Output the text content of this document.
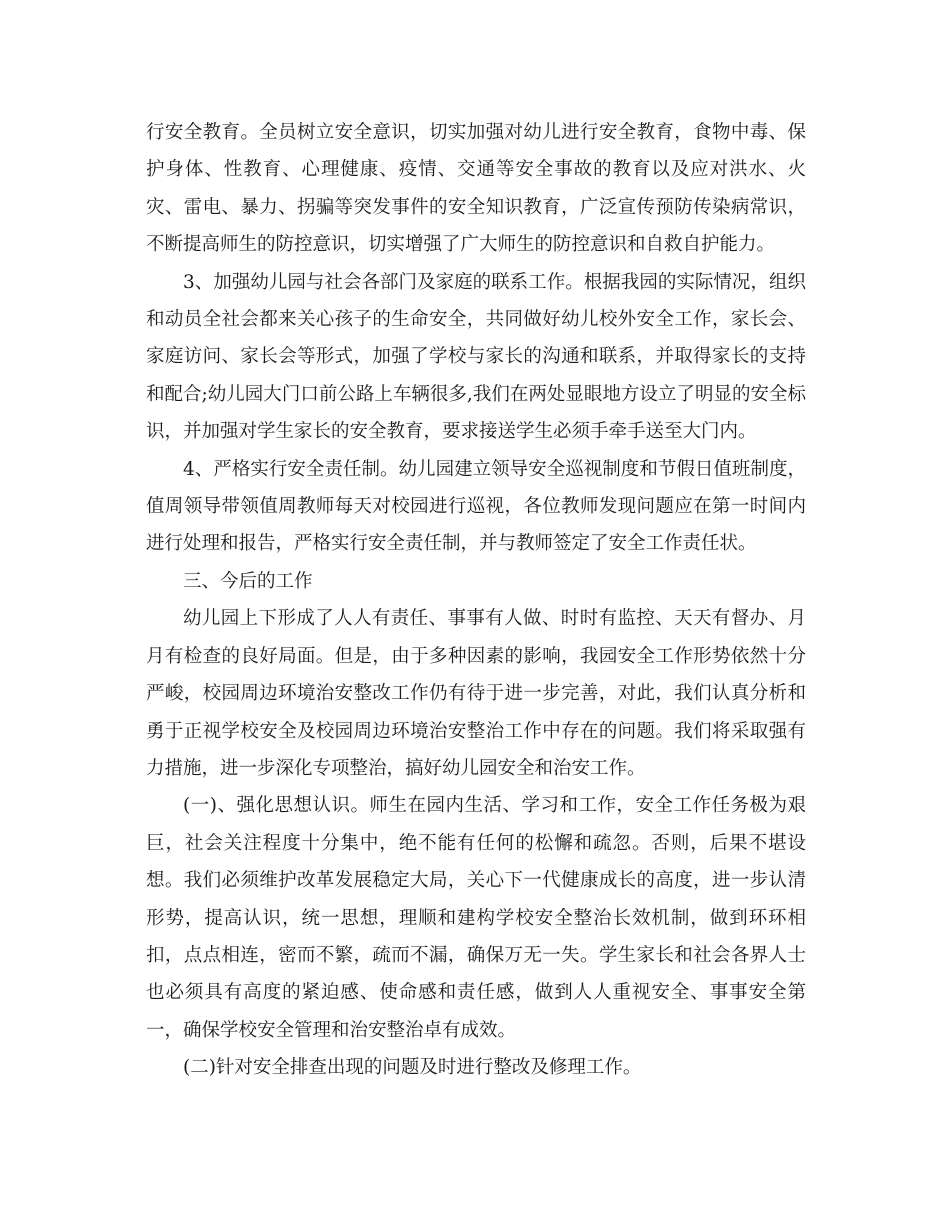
行安全教育。全员树立安全意识，切实加强对幼儿进行安全教育，食物中毒、保护身体、性教育、心理健康、疫情、交通等安全事故的教育以及应对洪水、火灾、雷电、暴力、拐骗等突发事件的安全知识教育，广泛宣传预防传染病常识，不断提高师生的防控意识，切实增强了广大师生的防控意识和自救自护能力。

3、加强幼儿园与社会各部门及家庭的联系工作。根据我园的实际情况，组织和动员全社会都来关心孩子的生命安全，共同做好幼儿校外安全工作，家长会、家庭访问、家长会等形式，加强了学校与家长的沟通和联系，并取得家长的支持和配合;幼儿园大门口前公路上车辆很多,我们在两处显眼地方设立了明显的安全标识，并加强对学生家长的安全教育，要求接送学生必须手牵手送至大门内。

4、严格实行安全责任制。幼儿园建立领导安全巡视制度和节假日值班制度，值周领导带领值周教师每天对校园进行巡视，各位教师发现问题应在第一时间内进行处理和报告，严格实行安全责任制，并与教师签定了安全工作责任状。

三、今后的工作

幼儿园上下形成了人人有责任、事事有人做、时时有监控、天天有督办、月月有检查的良好局面。但是，由于多种因素的影响，我园安全工作形势依然十分严峻，校园周边环境治安整改工作仍有待于进一步完善，对此，我们认真分析和勇于正视学校安全及校园周边环境治安整治工作中存在的问题。我们将采取强有力措施，进一步深化专项整治，搞好幼儿园安全和治安工作。

(一)、强化思想认识。师生在园内生活、学习和工作，安全工作任务极为艰巨，社会关注程度十分集中，绝不能有任何的松懈和疏忽。否则，后果不堪设想。我们必须维护改革发展稳定大局，关心下一代健康成长的高度，进一步认清形势，提高认识，统一思想，理顺和建构学校安全整治长效机制，做到环环相扣，点点相连，密而不繁，疏而不漏，确保万无一失。学生家长和社会各界人士也必须具有高度的紧迫感、使命感和责任感，做到人人重视安全、事事安全第一，确保学校安全管理和治安整治卓有成效。

(二)针对安全排查出现的问题及时进行整改及修理工作。
